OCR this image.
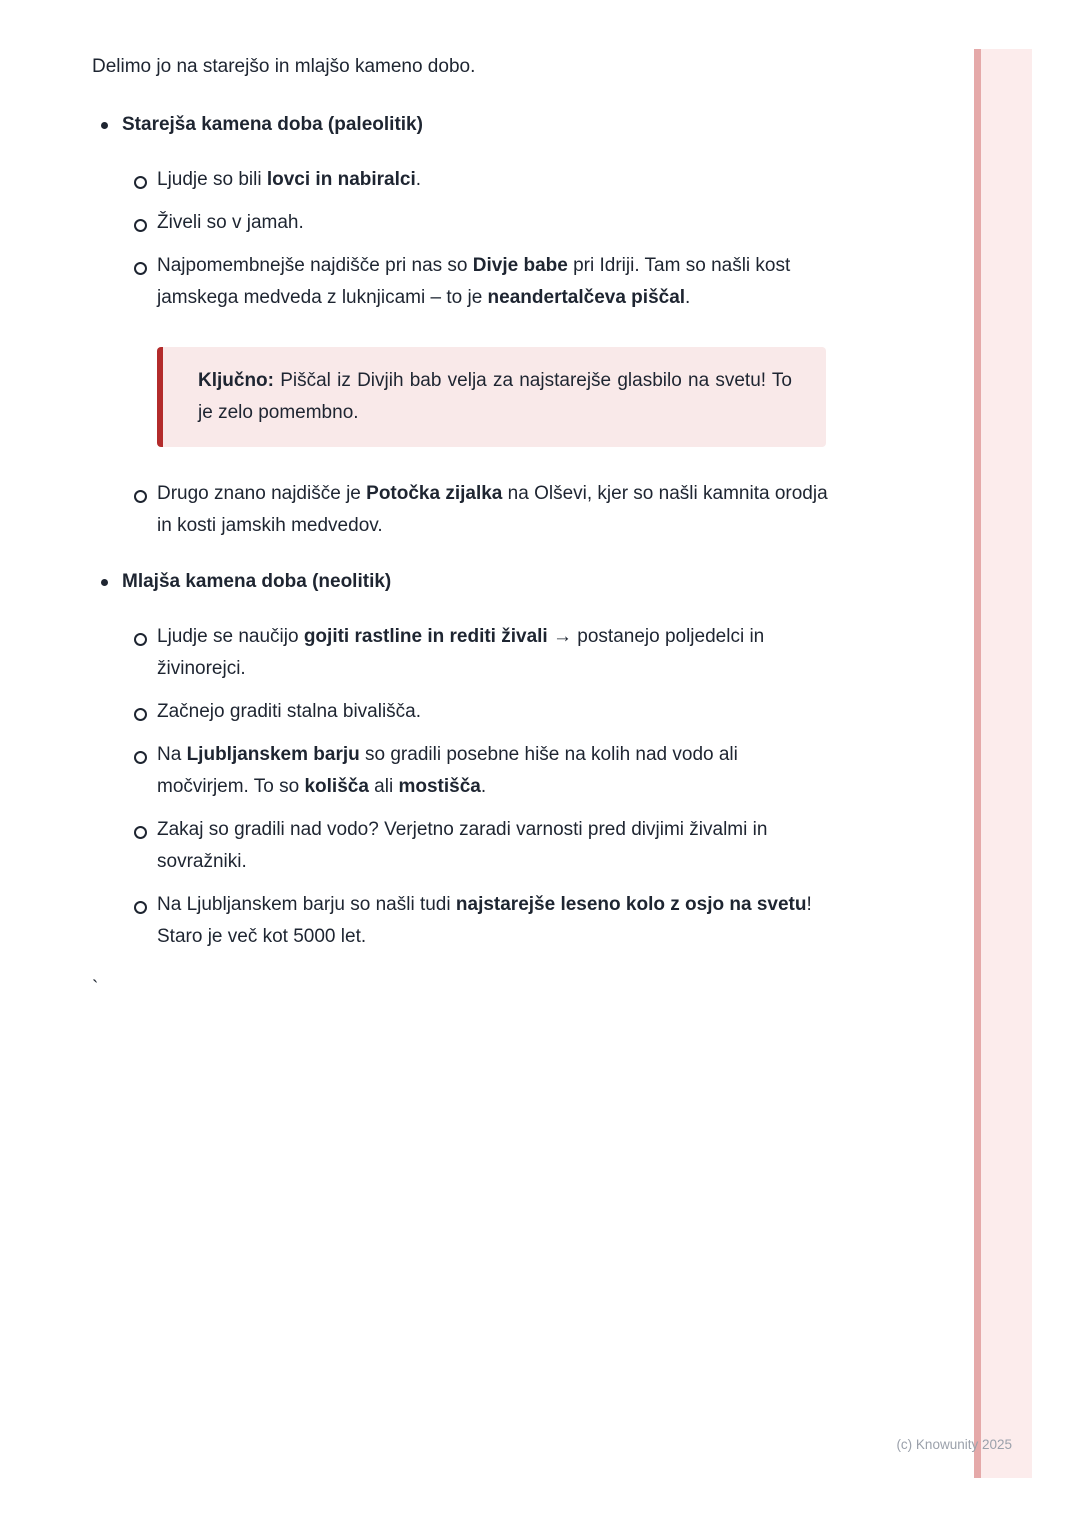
Delimo jo na starejšo in mlajšo kameno dobo.

Starejša kamena doba (paleolitik)
Ljudje so bili lovci in nabiralci.
Živeli so v jamah.
Najpomembnejše najdišče pri nas so Divje babe pri Idriji. Tam so našli kost jamskega medveda z luknjicami – to je neandertalčeva piščal.
Ključno: Piščal iz Divjih bab velja za najstarejše glasbilo na svetu! To je zelo pomembno.
Drugo znano najdišče je Potočka zijalka na Olševi, kjer so našli kamnita orodja in kosti jamskih medvedov.
Mlajša kamena doba (neolitik)
Ljudje se naučijo gojiti rastline in rediti živali → postanejo poljedelci in živinorejci.
Začnejo graditi stalna bivališča.
Na Ljubljanskem barju so gradili posebne hiše na kolih nad vodo ali močvirjem. To so kolišča ali mostišča.
Zakaj so gradili nad vodo? Verjetno zaradi varnosti pred divjimi živalmi in sovražniki.
Na Ljubljanskem barju so našli tudi najstarejše leseno kolo z osjo na svetu! Staro je več kot 5000 let.
`
(c) Knowunity 2025
